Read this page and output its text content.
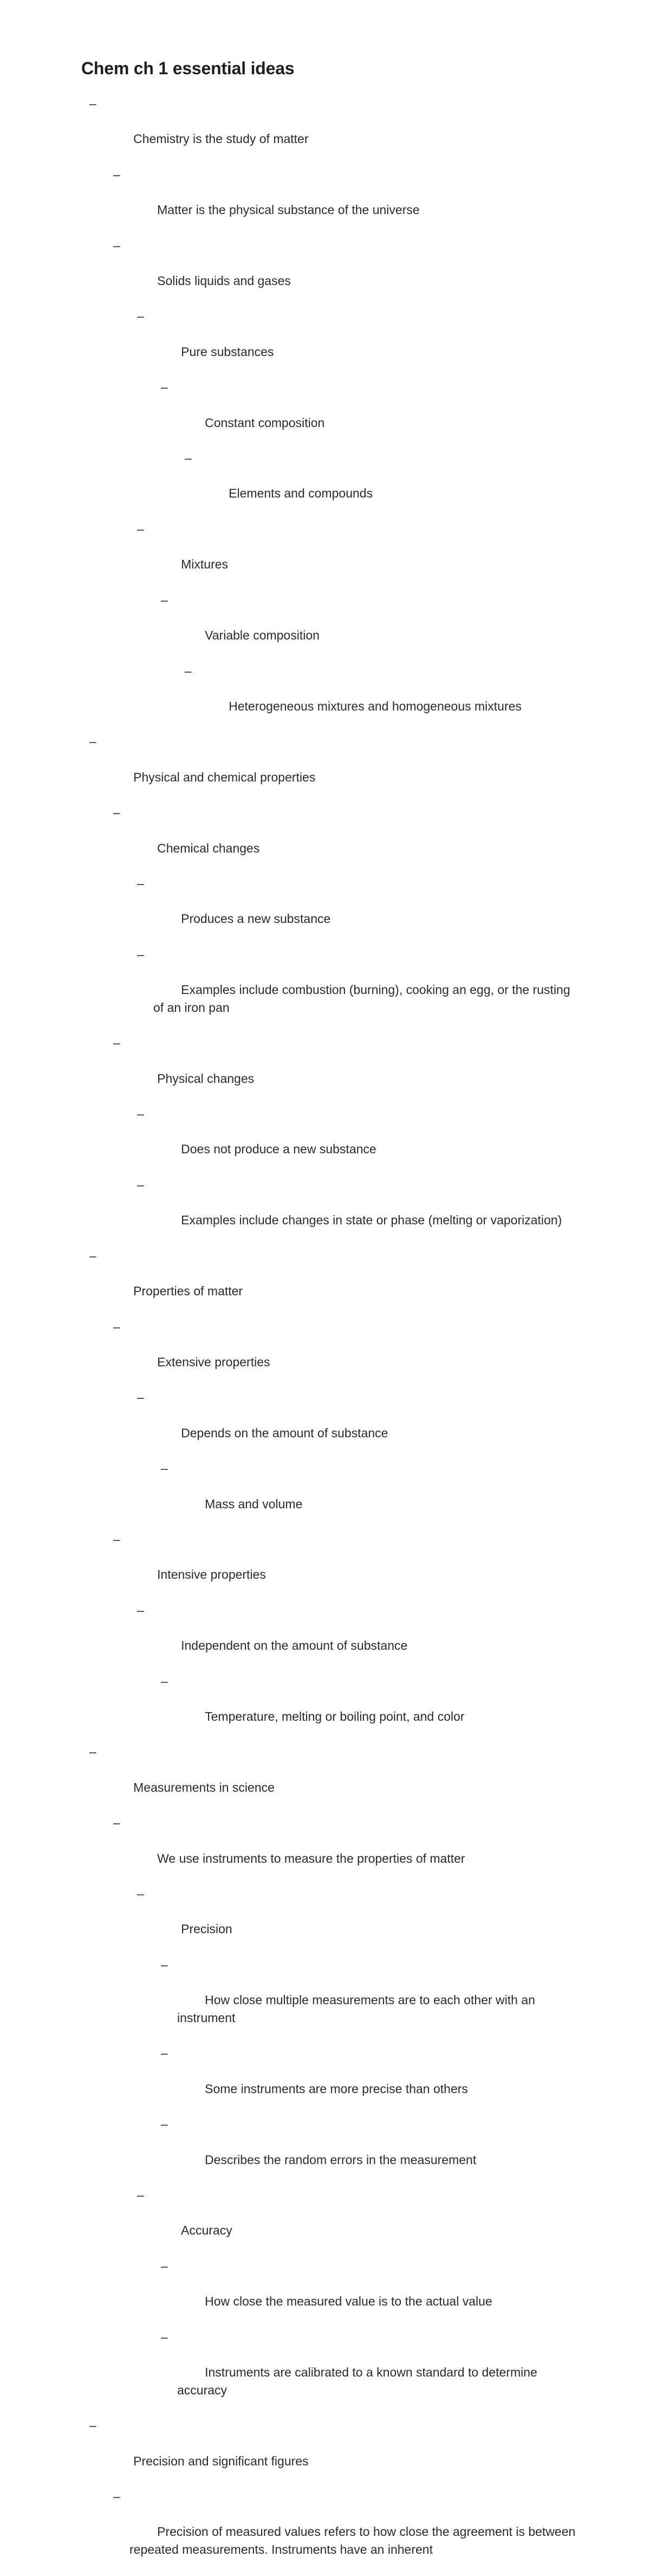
Chem ch 1 essential ideas

–

Chemistry is the study of matter

–

Matter is the physical substance of the universe

–

Solids liquids and gases

–

Pure substances

–

Constant composition

–

Elements and compounds

–

Mixtures

–

Variable composition

–

Heterogeneous mixtures and homogeneous mixtures

–

Physical and chemical properties

–

Chemical changes

–

Produces a new substance

–

Examples include combustion (burning), cooking an egg, or the rusting of an iron pan

–

Physical changes

–

Does not produce a new substance

–

Examples include changes in state or phase (melting or vaporization)

–

Properties of matter

–

Extensive properties

–

Depends on the amount of substance

–

Mass and volume

–

Intensive properties

–

Independent on the amount of substance

–

Temperature, melting or boiling point, and color

–

Measurements in science

–

We use instruments to measure the properties of matter

–

Precision

–

How close multiple measurements are to each other with an instrument

–

Some instruments are more precise than others

–

Describes the random errors in the measurement

–

Accuracy

–

How close the measured value is to the actual value

–

Instruments are calibrated to a known standard to determine accuracy

–

Precision and significant figures

–

Precision of measured values refers to how close the agreement is between repeated measurements. Instruments have an inherent
